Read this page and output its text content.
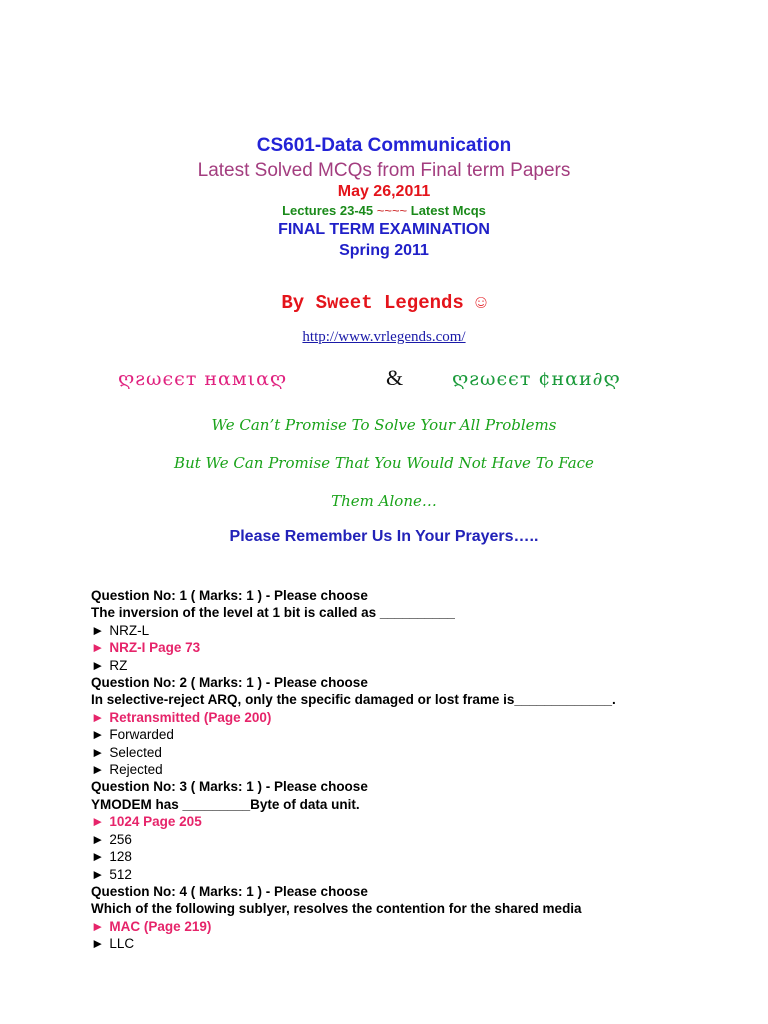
CS601-Data Communication
Latest Solved MCQs from Final term Papers
May 26,2011
Lectures 23-45 ~~~~ Latest Mcqs
FINAL TERM EXAMINATION
Spring 2011
By Sweet Legends ☺
http://www.vrlegends.com/
ღƨωєєт нαмιαღ	&	ღƨωєєт ¢нαи∂ღ
We Can’t Promise To Solve Your All Problems
But We Can Promise That You Would Not Have To Face
Them Alone…
Please Remember Us In Your Prayers…..
Question No: 1 ( Marks: 1 ) - Please choose
The inversion of the level at 1 bit is called as __________
► NRZ-L
► NRZ-I Page 73
► RZ
Question No: 2 ( Marks: 1 ) - Please choose
In selective-reject ARQ, only the specific damaged or lost frame is_____________.
► Retransmitted (Page 200)
► Forwarded
► Selected
► Rejected
Question No: 3 ( Marks: 1 ) - Please choose
YMODEM has _________Byte of data unit.
► 1024 Page 205
► 256
► 128
► 512
Question No: 4 ( Marks: 1 ) - Please choose
Which of the following sublyer, resolves the contention for the shared media
► MAC (Page 219)
► LLC
